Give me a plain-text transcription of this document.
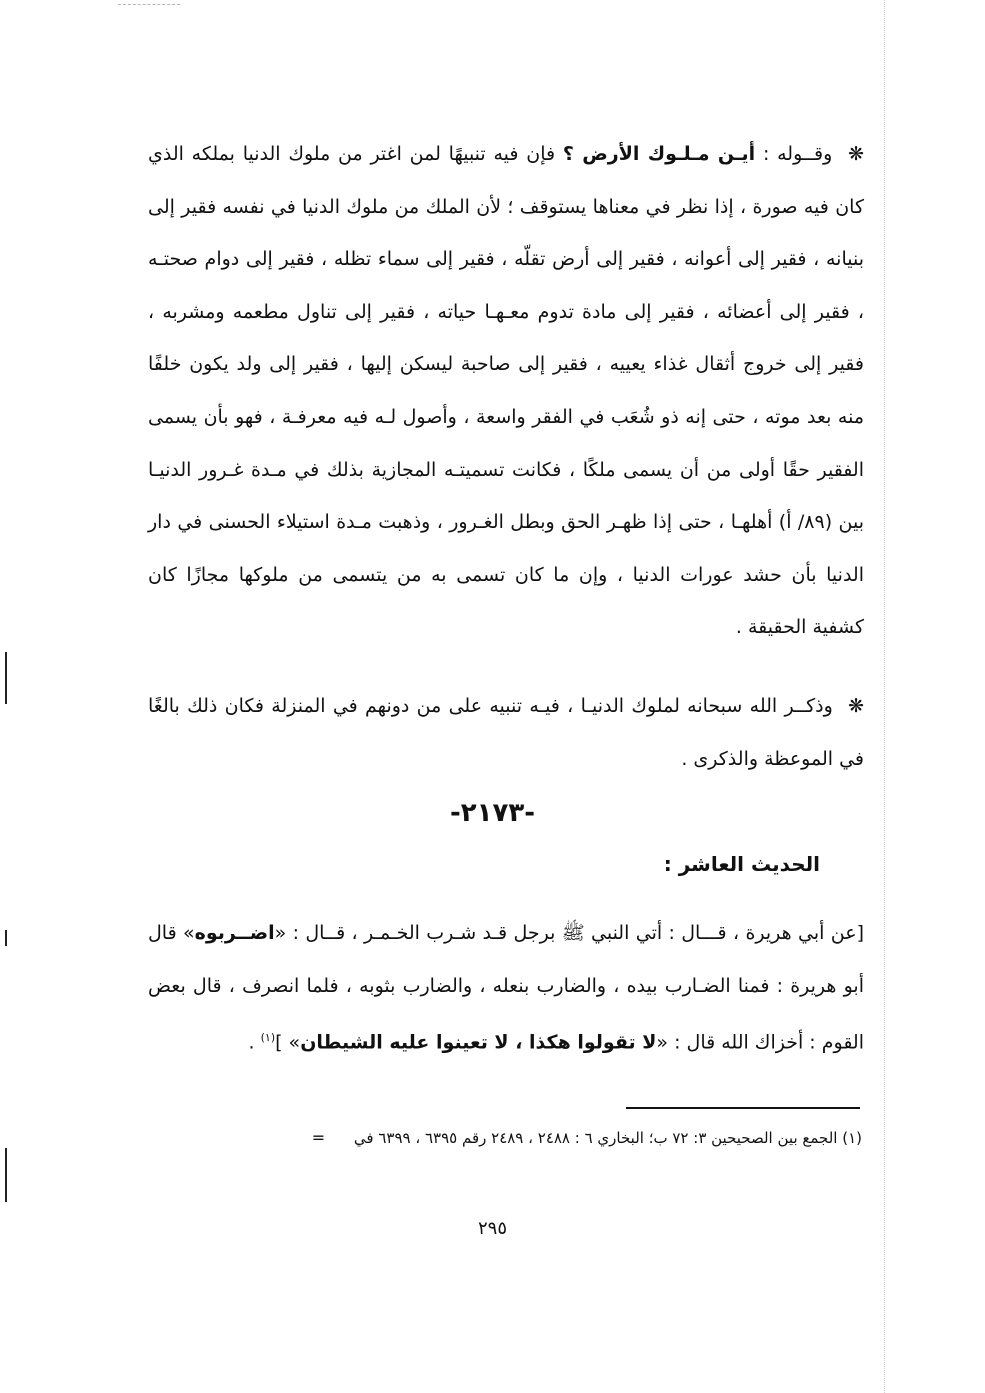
❋ وقــوله : أيـن مـلـوك الأرض ؟ فإن فيه تنبيهًا لمن اغتر من ملوك الدنيا بملكه الذي كان فيه صورة ، إذا نظر في معناها يستوقف ؛ لأن الملك من ملوك الدنيا في نفسه فقير إلى بنيانه ، فقير إلى أعوانه ، فقير إلى أرض تقلّه ، فقير إلى سماء تظله ، فقير إلى دوام صحتـه ، فقير إلى أعضائه ، فقير إلى مادة تدوم معـهـا حياته ، فقير إلى تناول مطعمه ومشربه ، فقير إلى خروج أثقال غذاء يعييه ، فقير إلى صاحبة ليسكن إليها ، فقير إلى ولد يكون خلفًا منه بعد موته ، حتى إنه ذو شُعَب في الفقر واسعة ، وأصول لـه فيه معرفـة ، فهو بأن يسمى الفقير حقًا أولى من أن يسمى ملكًا ، فكانت تسميتـه المجازية بذلك في مـدة غـرور الدنيـا بين (٨٩/ أ) أهلهـا ، حتى إذا ظهـر الحق وبطل الغـرور ، وذهبت مـدة استيلاء الحسنى في دار الدنيا بأن حشد عورات الدنيا ، وإن ما كان تسمى به من يتسمى من ملوكها مجازًا كان كشفية الحقيقة .

❋ وذكــر الله سبحانه لملوك الدنيـا ، فيـه تنبيه على من دونهم في المنزلة فكان ذلك بالغًا في الموعظة والذكرى .

-٢١٧٣-
الحديث العاشر :

[عن أبي هريرة ، قـــال : أتي النبي ﷺ برجل قـد شـرب الخـمـر ، قــال : «اضــربوه» قال أبو هريرة : فمنا الضـارب بيده ، والضارب بنعله ، والضارب بثوبه ، فلما انصرف ، قال بعض القوم : أخزاك الله قال : «لا تقولوا هكذا ، لا تعينوا عليه الشيطان» ]$^{(١)}$ .

(١) الجمع بين الصحيحين ٣: ٧٢ ب؛ البخاري ٦ : ٢٤٨٨ ، ٢٤٨٩ رقم ٦٣٩٥ ، ٦٣٩٩ في =
٢٩٥
